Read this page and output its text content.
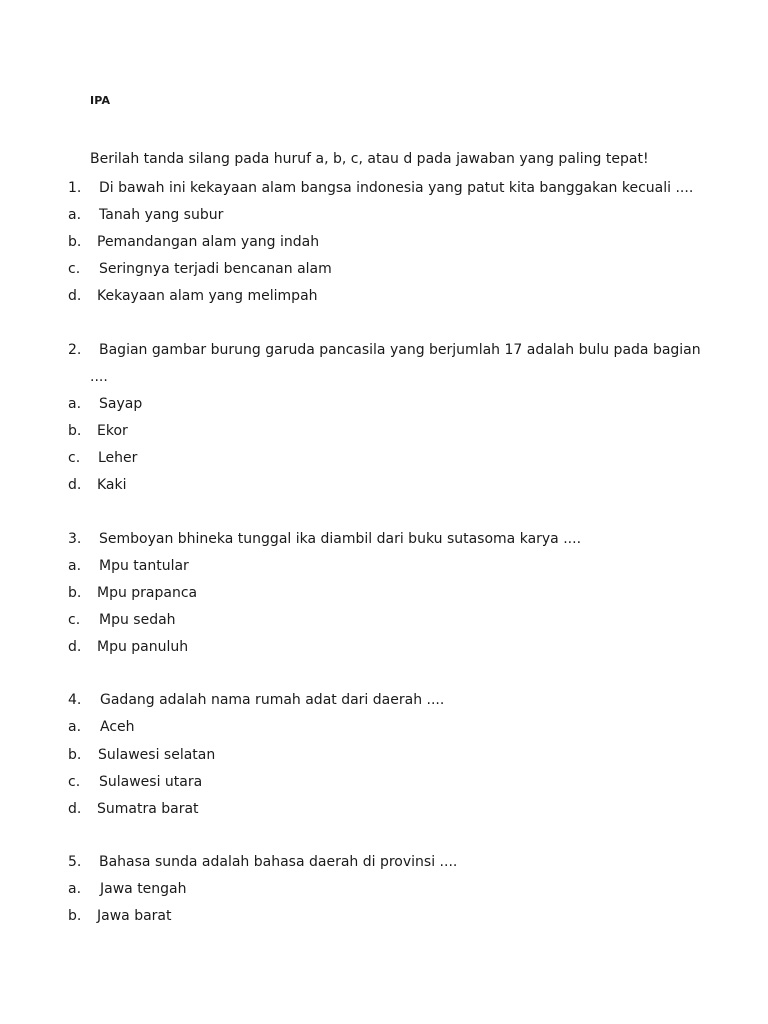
IPA
Berilah tanda silang pada huruf a, b, c, atau d pada jawaban yang paling tepat!
1.	Di bawah ini kekayaan alam bangsa indonesia yang patut kita banggakan kecuali ....
a.	Tanah yang subur
b.	Pemandangan alam yang indah
c.	Seringnya terjadi bencanan alam
d.	Kekayaan alam yang melimpah
2.	Bagian gambar burung garuda pancasila yang berjumlah 17 adalah bulu pada bagian
....
a.	Sayap
b.	Ekor
c.	Leher
d.	Kaki
3.	Semboyan bhineka tunggal ika diambil dari buku sutasoma karya ....
a.	Mpu tantular
b.	Mpu prapanca
c.	Mpu sedah
d.	Mpu panuluh
4.	Gadang adalah nama rumah adat dari daerah ....
a.	Aceh
b.	Sulawesi selatan
c.	Sulawesi utara
d.	Sumatra barat
5.	Bahasa sunda adalah bahasa daerah di provinsi ....
a.	Jawa tengah
b.	Jawa barat
